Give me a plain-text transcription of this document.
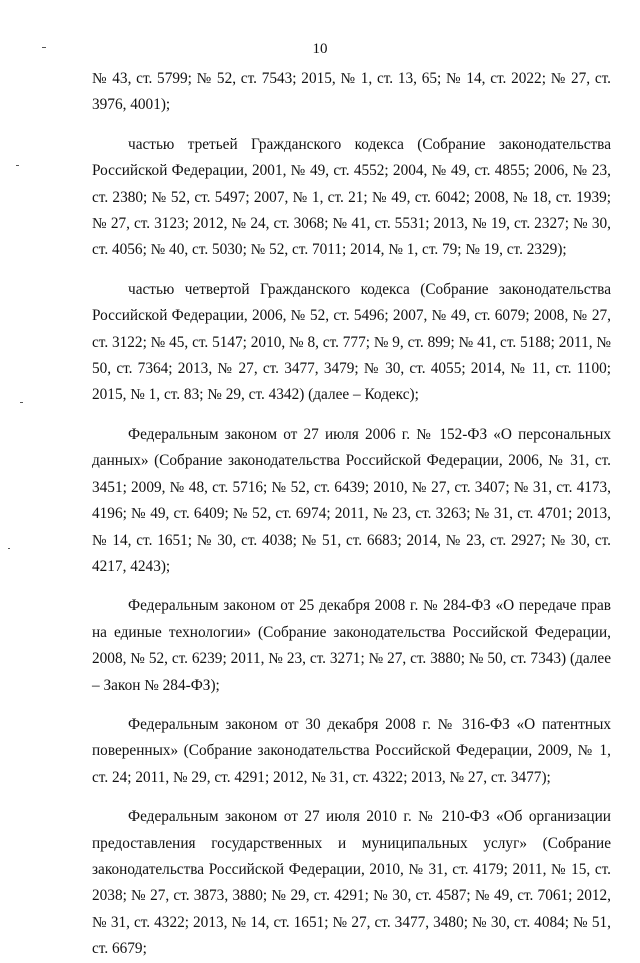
10

№ 43, ст. 5799; № 52, ст. 7543; 2015, № 1, ст. 13, 65; № 14, ст. 2022; № 27, ст. 3976, 4001);

частью третьей Гражданского кодекса (Собрание законодательства Российской Федерации, 2001, № 49, ст. 4552; 2004, № 49, ст. 4855; 2006, № 23, ст. 2380; № 52, ст. 5497; 2007, № 1, ст. 21; № 49, ст. 6042; 2008, № 18, ст. 1939; № 27, ст. 3123; 2012, № 24, ст. 3068; № 41, ст. 5531; 2013, № 19, ст. 2327; № 30, ст. 4056; № 40, ст. 5030; № 52, ст. 7011; 2014, № 1, ст. 79; № 19, ст. 2329);

частью четвертой Гражданского кодекса (Собрание законодательства Российской Федерации, 2006, № 52, ст. 5496; 2007, № 49, ст. 6079; 2008, № 27, ст. 3122; № 45, ст. 5147; 2010, № 8, ст. 777; № 9, ст. 899; № 41, ст. 5188; 2011, № 50, ст. 7364; 2013, № 27, ст. 3477, 3479; № 30, ст. 4055; 2014, № 11, ст. 1100; 2015, № 1, ст. 83; № 29, ст. 4342) (далее – Кодекс);

Федеральным законом от 27 июля 2006 г. № 152-ФЗ «О персональных данных» (Собрание законодательства Российской Федерации, 2006, № 31, ст. 3451; 2009, № 48, ст. 5716; № 52, ст. 6439; 2010, № 27, ст. 3407; № 31, ст. 4173, 4196; № 49, ст. 6409; № 52, ст. 6974; 2011, № 23, ст. 3263; № 31, ст. 4701; 2013, № 14, ст. 1651; № 30, ст. 4038; № 51, ст. 6683; 2014, № 23, ст. 2927; № 30, ст. 4217, 4243);

Федеральным законом от 25 декабря 2008 г. № 284-ФЗ «О передаче прав на единые технологии» (Собрание законодательства Российской Федерации, 2008, № 52, ст. 6239; 2011, № 23, ст. 3271; № 27, ст. 3880; № 50, ст. 7343) (далее – Закон № 284-ФЗ);

Федеральным законом от 30 декабря 2008 г. № 316-ФЗ «О патентных поверенных» (Собрание законодательства Российской Федерации, 2009, № 1, ст. 24; 2011, № 29, ст. 4291; 2012, № 31, ст. 4322; 2013, № 27, ст. 3477);

Федеральным законом от 27 июля 2010 г. № 210-ФЗ «Об организации предоставления государственных и муниципальных услуг» (Собрание законодательства Российской Федерации, 2010, № 31, ст. 4179; 2011, № 15, ст. 2038; № 27, ст. 3873, 3880; № 29, ст. 4291; № 30, ст. 4587; № 49, ст. 7061; 2012, № 31, ст. 4322; 2013, № 14, ст. 1651; № 27, ст. 3477, 3480; № 30, ст. 4084; № 51, ст. 6679;
